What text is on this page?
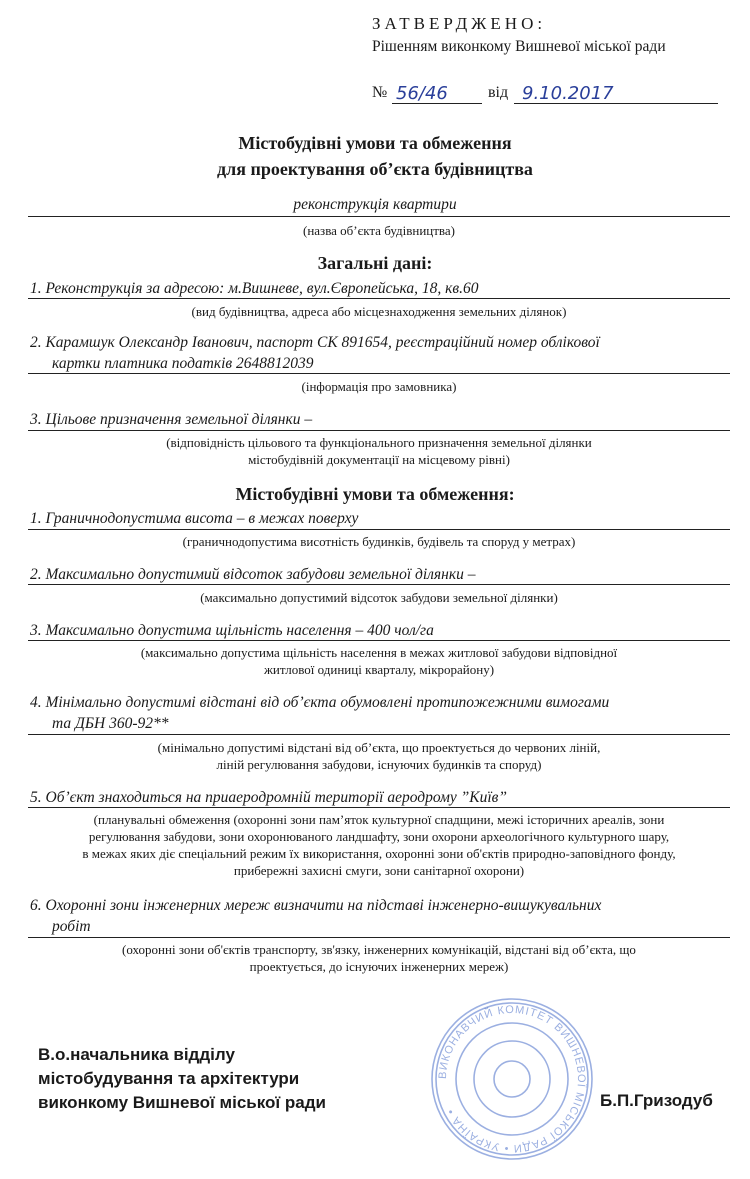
ЗАТВЕРДЖЕНО:
Рішенням виконкому Вишневої міської ради
№ 56/46	від 9.10.2017
Містобудівні умови та обмеження
для проектування об’єкта будівництва
реконструкція квартири
(назва об’єкта будівництва)
Загальні дані:
1. Реконструкція за адресою: м.Вишневе, вул.Європейська, 18, кв.60
(вид будівництва, адреса або місцезнаходження земельних ділянок)
2. Карамшук Олександр Іванович, паспорт СК 891654, реєстраційний номер облікової
картки платника податків 2648812039
(інформація про замовника)
3. Цільове призначення земельної ділянки –
(відповідність цільового та функціонального призначення земельної ділянки
містобудівній документації на місцевому рівні)
Містобудівні умови та обмеження:
1. Граничнодопустима висота – в межах поверху
(граничнодопустима висотність будинків, будівель та споруд у метрах)
2. Максимально допустимий відсоток забудови земельної ділянки –
(максимально допустимий відсоток забудови земельної ділянки)
3. Максимально допустима щільність населення – 400 чол/га
(максимально допустима щільність населення в межах житлової забудови відповідної
житлової одиниці кварталу, мікрорайону)
4. Мінімально допустимі відстані від об’єкта обумовлені протипожежними вимогами
та ДБН 360-92**
(мінімально допустимі відстані від об’єкта, що проектується до червоних ліній,
ліній регулювання забудови, існуючих будинків та споруд)
5. Об’єкт знаходиться на приаеродромній території аеродрому ”Київ”
(планувальні обмеження (охоронні зони пам’яток культурної спадщини, межі історичних ареалів, зони
регулювання забудови, зони охоронюваного ландшафту, зони охорони археологічного культурного шару,
в межах яких діє спеціальний режим їх використання, охоронні зони об'єктів природно-заповідного фонду,
прибережні захисні смуги, зони санітарної охорони)
6. Охоронні зони інженерних мереж визначити на підставі інженерно-вишукувальних
робіт
(охоронні зони об'єктів транспорту, зв'язку, інженерних комунікацій, відстані від об’єкта, що
проектується, до існуючих інженерних мереж)
ВИКОНАВЧИЙ КОМІТЕТ ВИШНЕВОЇ МІСЬКОЇ РАДИ • УКРАЇНА •
В.о.начальника відділу
містобудування та архітектури
виконкому Вишневої міської ради	Б.П.Гризодуб
